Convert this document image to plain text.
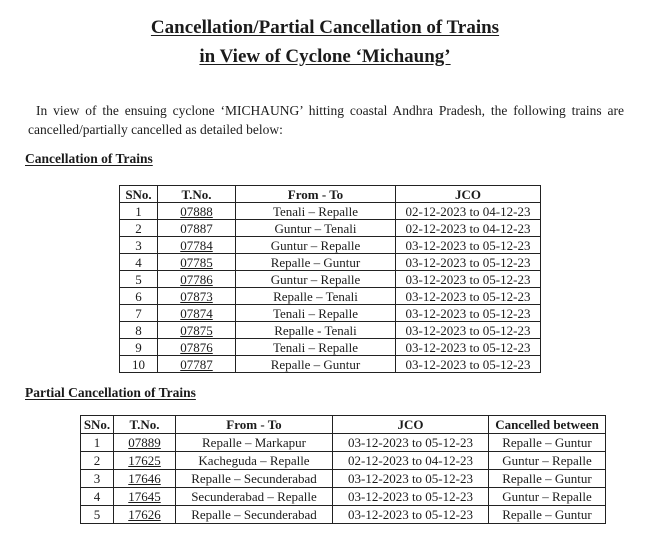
Cancellation/Partial Cancellation of Trains
in View of Cyclone ‘Michaung’

In view of the ensuing cyclone ‘MICHAUNG’ hitting coastal Andhra Pradesh, the following trains are cancelled/partially cancelled as detailed below:

Cancellation of Trains
SNo.	T.No.	From - To	JCO
1	07888	Tenali – Repalle	02-12-2023 to 04-12-23
2	07887	Guntur – Tenali	02-12-2023 to 04-12-23
3	07784	Guntur – Repalle	03-12-2023 to 05-12-23
4	07785	Repalle – Guntur	03-12-2023 to 05-12-23
5	07786	Guntur – Repalle	03-12-2023 to 05-12-23
6	07873	Repalle – Tenali	03-12-2023 to 05-12-23
7	07874	Tenali – Repalle	03-12-2023 to 05-12-23
8	07875	Repalle - Tenali	03-12-2023 to 05-12-23
9	07876	Tenali – Repalle	03-12-2023 to 05-12-23
10	07787	Repalle – Guntur	03-12-2023 to 05-12-23
Partial Cancellation of Trains
SNo.	T.No.	From - To	JCO	Cancelled between
1	07889	Repalle – Markapur	03-12-2023 to 05-12-23	Repalle – Guntur
2	17625	Kacheguda – Repalle	02-12-2023 to 04-12-23	Guntur – Repalle
3	17646	Repalle – Secunderabad	03-12-2023 to 05-12-23	Repalle – Guntur
4	17645	Secunderabad – Repalle	03-12-2023 to 05-12-23	Guntur – Repalle
5	17626	Repalle – Secunderabad	03-12-2023 to 05-12-23	Repalle – Guntur
